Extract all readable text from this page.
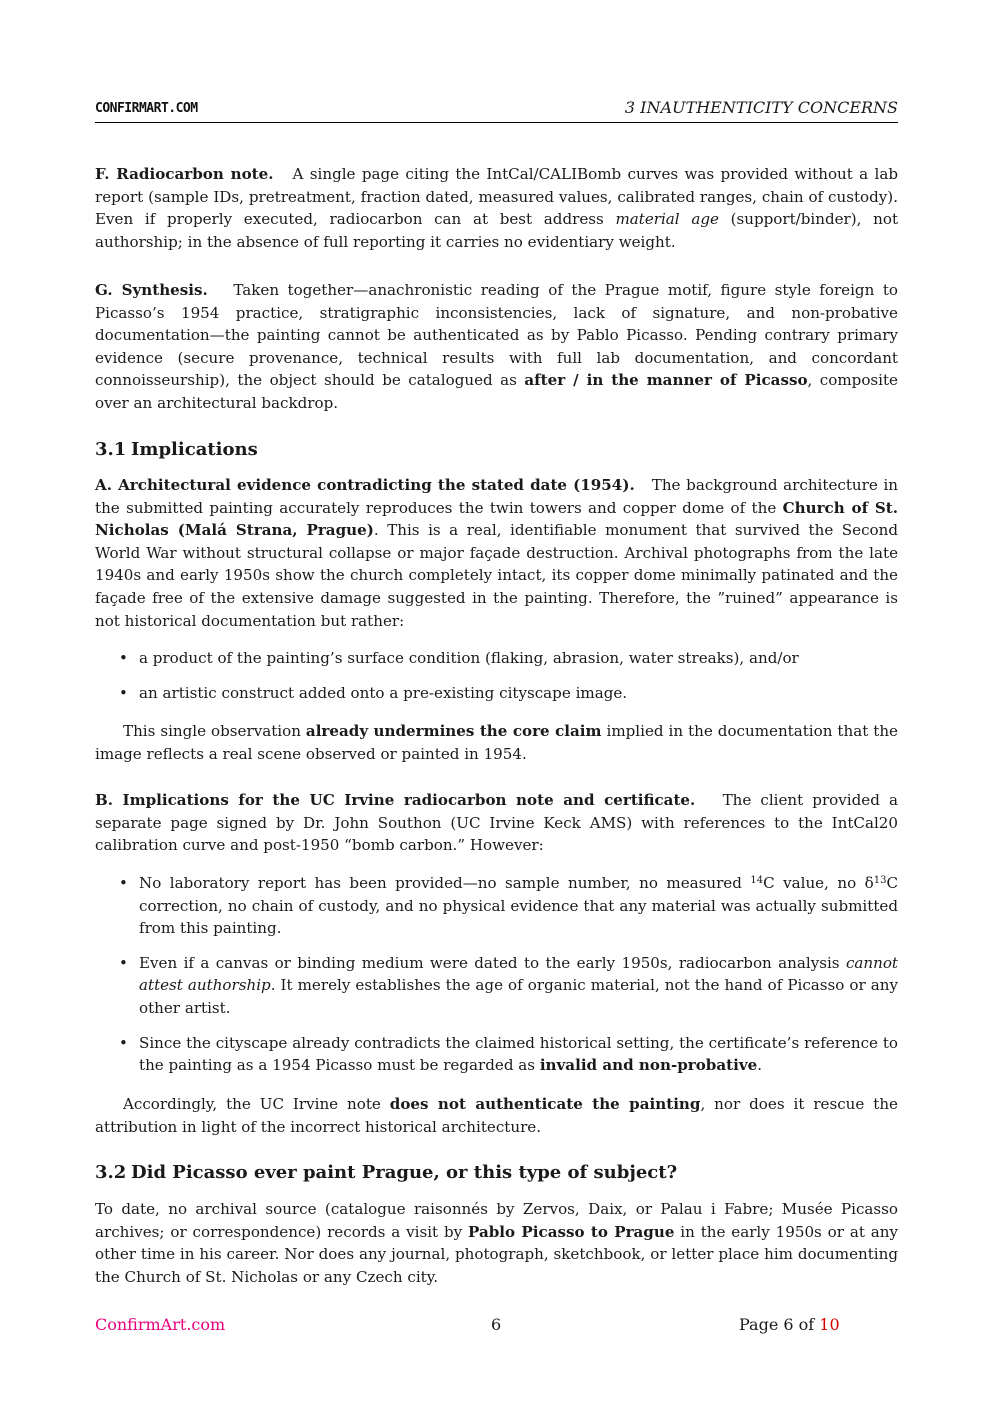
CONFIRMART.COM	3 INAUTHENTICITY CONCERNS

F. Radiocarbon note. A single page citing the IntCal/CALIBomb curves was provided without a lab report (sample IDs, pretreatment, fraction dated, measured values, calibrated ranges, chain of custody). Even if properly executed, radiocarbon can at best address material age (support/binder), not authorship; in the absence of full reporting it carries no evidentiary weight.

G. Synthesis. Taken together—anachronistic reading of the Prague motif, figure style foreign to Picasso’s 1954 practice, stratigraphic inconsistencies, lack of signature, and non-probative documentation—the painting cannot be authenticated as by Pablo Picasso. Pending contrary primary evidence (secure provenance, technical results with full lab documentation, and concordant connoisseurship), the object should be catalogued as after / in the manner of Picasso, composite over an architectural backdrop.

3.1 Implications

A. Architectural evidence contradicting the stated date (1954). The background architecture in the submitted painting accurately reproduces the twin towers and copper dome of the Church of St. Nicholas (Malá Strana, Prague). This is a real, identifiable monument that survived the Second World War without structural collapse or major façade destruction. Archival photographs from the late 1940s and early 1950s show the church completely intact, its copper dome minimally patinated and the façade free of the extensive damage suggested in the painting. Therefore, the ”ruined” appearance is not historical documentation but rather:

• a product of the painting’s surface condition (flaking, abrasion, water streaks), and/or

• an artistic construct added onto a pre-existing cityscape image.

This single observation already undermines the core claim implied in the documentation that the image reflects a real scene observed or painted in 1954.

B. Implications for the UC Irvine radiocarbon note and certificate. The client provided a separate page signed by Dr. John Southon (UC Irvine Keck AMS) with references to the IntCal20 calibration curve and post-1950 “bomb carbon.” However:

• No laboratory report has been provided—no sample number, no measured $^{14}$C value, no $\delta^{13}C$ correction, no chain of custody, and no physical evidence that any material was actually submitted from this painting.

• Even if a canvas or binding medium were dated to the early 1950s, radiocarbon analysis cannot attest authorship. It merely establishes the age of organic material, not the hand of Picasso or any other artist.

• Since the cityscape already contradicts the claimed historical setting, the certificate’s reference to the painting as a 1954 Picasso must be regarded as invalid and non-probative.

Accordingly, the UC Irvine note does not authenticate the painting, nor does it rescue the attribution in light of the incorrect historical architecture.

3.2 Did Picasso ever paint Prague, or this type of subject?

To date, no archival source (catalogue raisonnés by Zervos, Daix, or Palau i Fabre; Musée Picasso archives; or correspondence) records a visit by Pablo Picasso to Prague in the early 1950s or at any other time in his career. Nor does any journal, photograph, sketchbook, or letter place him documenting the Church of St. Nicholas or any Czech city.

ConfirmArt.com	6	Page 6 of 10
